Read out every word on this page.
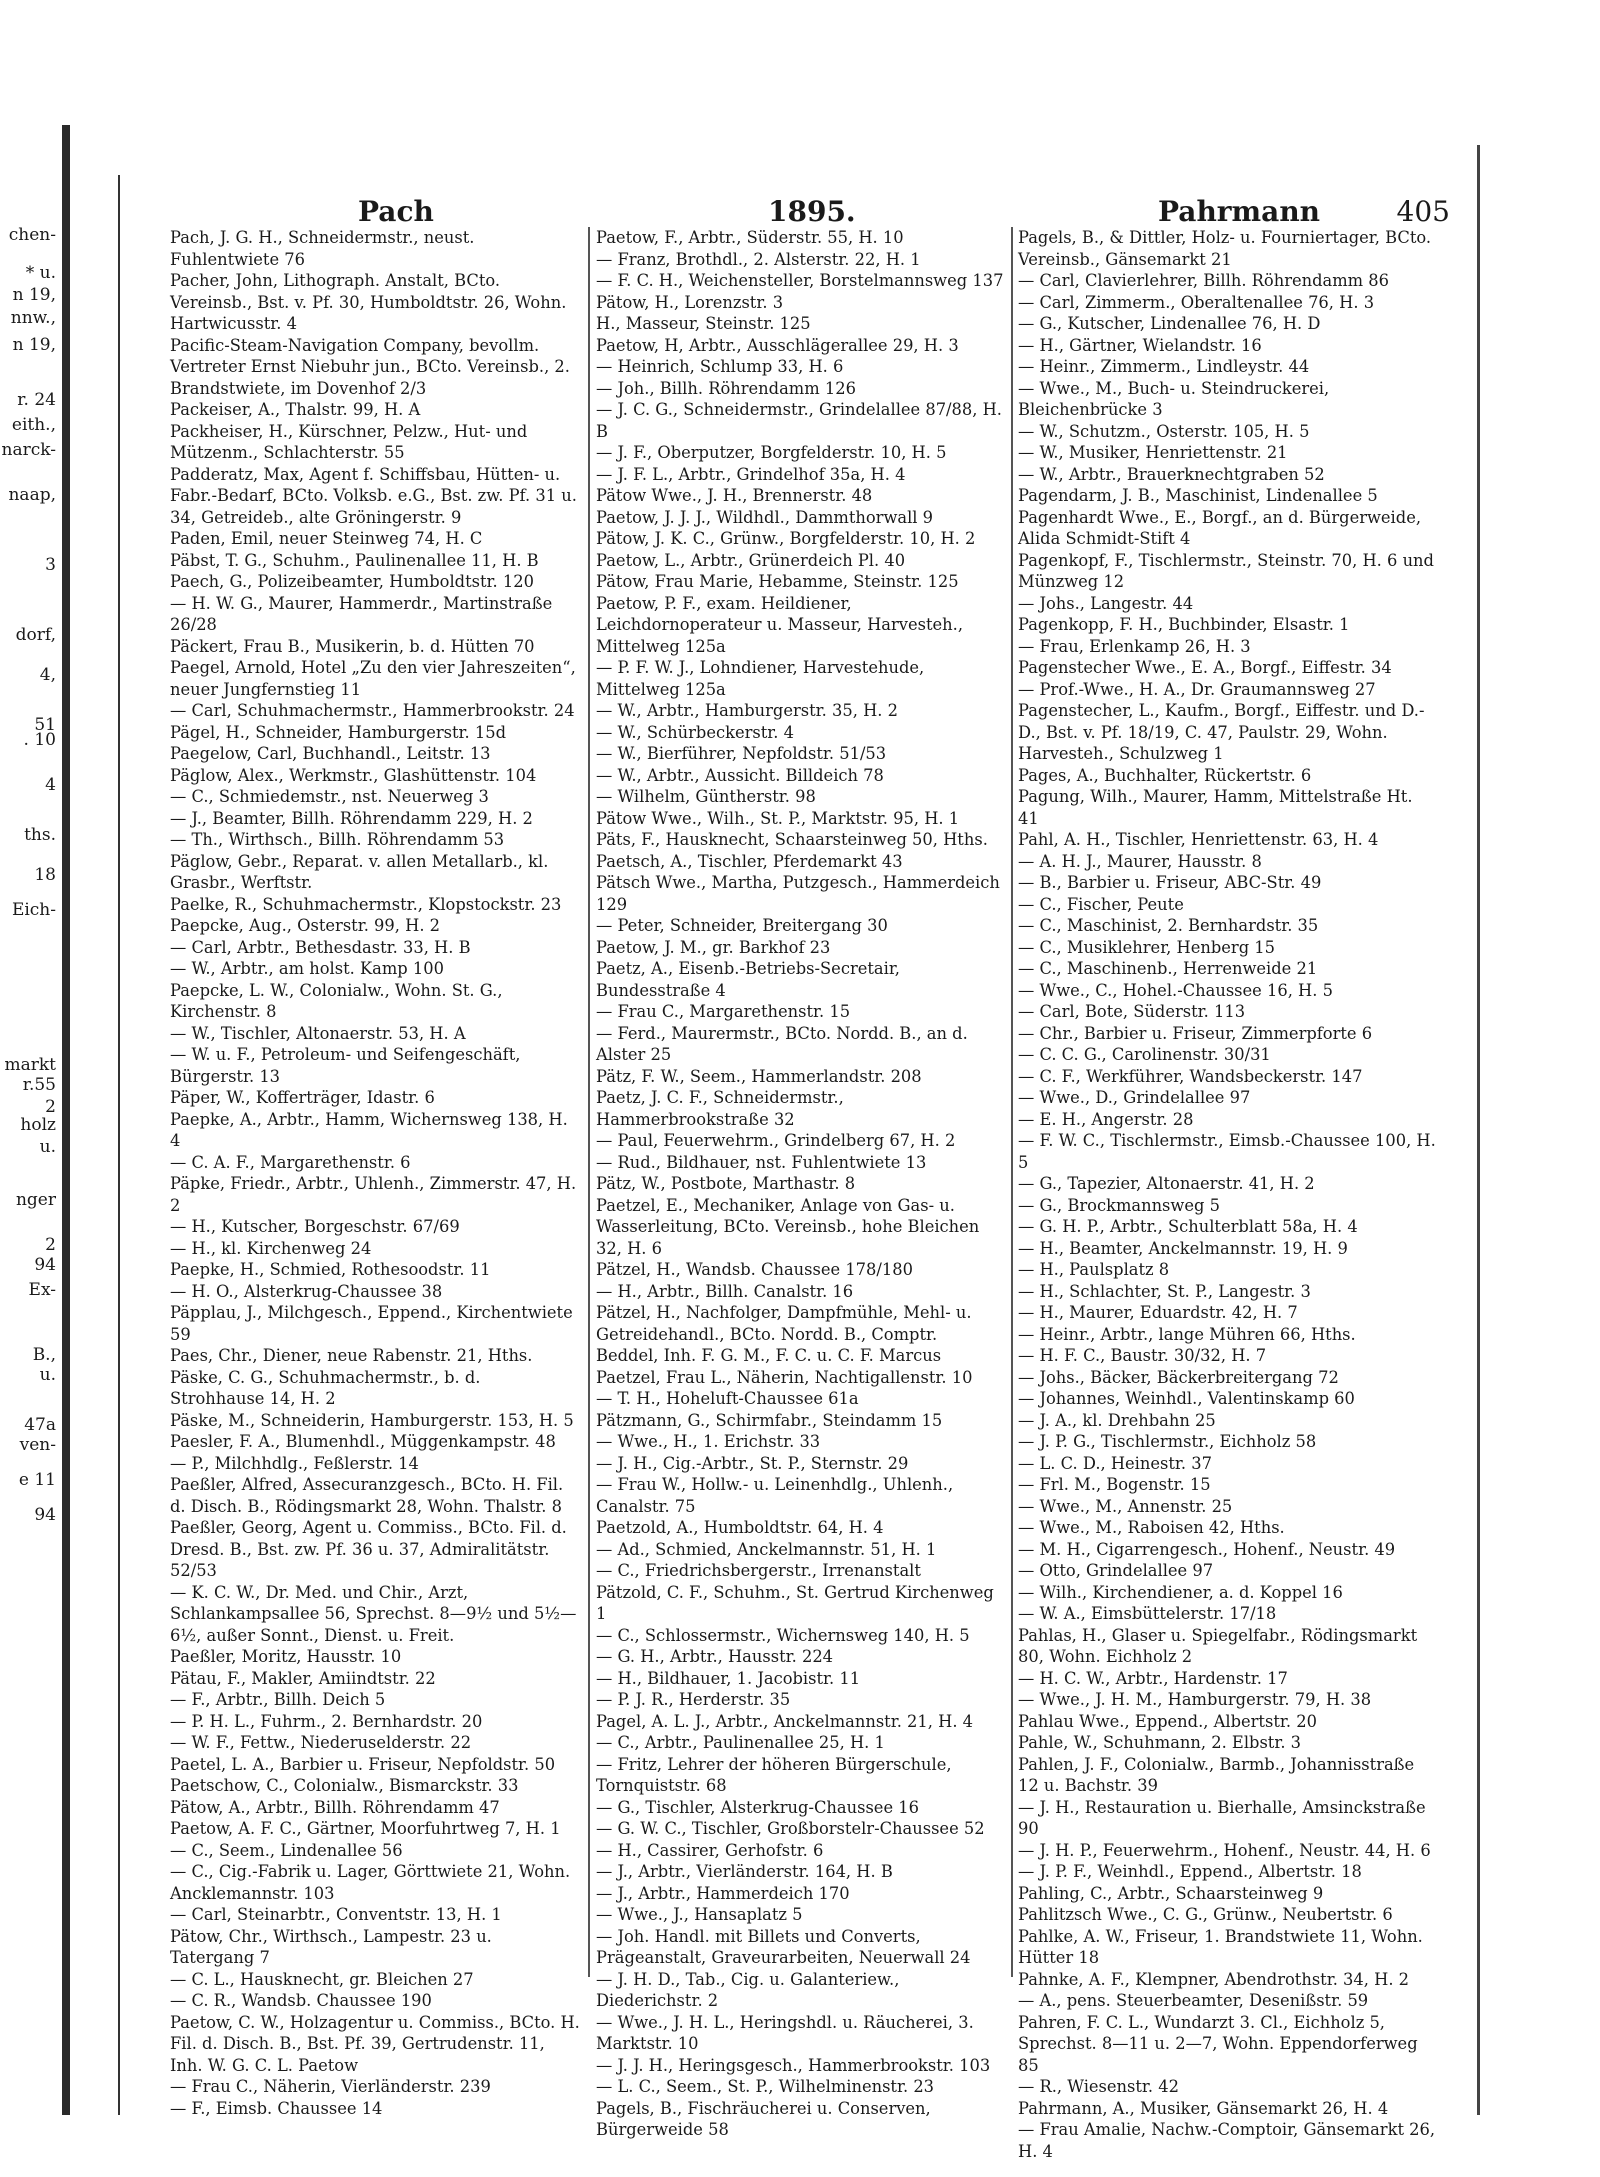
chen-
* u.
n 19,
nnw.,
n 19,
r. 24
eith.,
narck-
naap,
3
dorf,
4,
51
. 10
4
ths.
18
Eich-
markt
r.55
2
holz
u.
nger
2
94
Ex-
B.,
u.
47a
ven-
e 11
94
Pach	1895.	Pahrmann	405

Pach, J. G. H., Schneidermstr., neust. Fuhlentwiete 76

Pacher, John, Lithograph. Anstalt, BCto. Vereinsb., Bst. v. Pf. 30, Humboldtstr. 26, Wohn. Hartwicusstr. 4

Pacific-Steam-Navigation Company, bevollm. Vertreter Ernst Niebuhr jun., BCto. Vereinsb., 2. Brandstwiete, im Dovenhof 2/3

Packeiser, A., Thalstr. 99, H. A

Packheiser, H., Kürschner, Pelzw., Hut- und Mützenm., Schlachterstr. 55

Padderatz, Max, Agent f. Schiffsbau, Hütten- u. Fabr.-Bedarf, BCto. Volksb. e.G., Bst. zw. Pf. 31 u. 34, Getreideb., alte Gröningerstr. 9

Paden, Emil, neuer Steinweg 74, H. C

Päbst, T. G., Schuhm., Paulinenallee 11, H. B

Paech, G., Polizeibeamter, Humboldtstr. 120

— H. W. G., Maurer, Hammerdr., Martinstraße 26/28

Päckert, Frau B., Musikerin, b. d. Hütten 70

Paegel, Arnold, Hotel „Zu den vier Jahreszeiten“, neuer Jungfernstieg 11

— Carl, Schuhmachermstr., Hammerbrookstr. 24

Pägel, H., Schneider, Hamburgerstr. 15d

Paegelow, Carl, Buchhandl., Leitstr. 13

Päglow, Alex., Werkmstr., Glashüttenstr. 104

— C., Schmiedemstr., nst. Neuerweg 3

— J., Beamter, Billh. Röhrendamm 229, H. 2

— Th., Wirthsch., Billh. Röhrendamm 53

Päglow, Gebr., Reparat. v. allen Metallarb., kl. Grasbr., Werftstr.

Paelke, R., Schuhmachermstr., Klopstockstr. 23

Paepcke, Aug., Osterstr. 99, H. 2

— Carl, Arbtr., Bethesdastr. 33, H. B

— W., Arbtr., am holst. Kamp 100

Paepcke, L. W., Colonialw., Wohn. St. G., Kirchenstr. 8

— W., Tischler, Altonaerstr. 53, H. A

— W. u. F., Petroleum- und Seifengeschäft, Bürgerstr. 13

Päper, W., Kofferträger, Idastr. 6

Paepke, A., Arbtr., Hamm, Wichernsweg 138, H. 4

— C. A. F., Margarethenstr. 6

Päpke, Friedr., Arbtr., Uhlenh., Zimmerstr. 47, H. 2

— H., Kutscher, Borgeschstr. 67/69

— H., kl. Kirchenweg 24

Paepke, H., Schmied, Rothesoodstr. 11

— H. O., Alsterkrug-Chaussee 38

Päpplau, J., Milchgesch., Eppend., Kirchentwiete 59

Paes, Chr., Diener, neue Rabenstr. 21, Hths.

Päske, C. G., Schuhmachermstr., b. d. Strohhause 14, H. 2

Päske, M., Schneiderin, Hamburgerstr. 153, H. 5

Paesler, F. A., Blumenhdl., Müggenkampstr. 48

— P., Milchhdlg., Feßlerstr. 14

Paeßler, Alfred, Assecuranzgesch., BCto. H. Fil. d. Disch. B., Rödingsmarkt 28, Wohn. Thalstr. 8

Paeßler, Georg, Agent u. Commiss., BCto. Fil. d. Dresd. B., Bst. zw. Pf. 36 u. 37, Admiralitätstr. 52/53

— K. C. W., Dr. Med. und Chir., Arzt, Schlankampsallee 56, Sprechst. 8—9½ und 5½—6½, außer Sonnt., Dienst. u. Freit.

Paeßler, Moritz, Hausstr. 10

Pätau, F., Makler, Amiindtstr. 22

— F., Arbtr., Billh. Deich 5

— P. H. L., Fuhrm., 2. Bernhardstr. 20

— W. F., Fettw., Niederuselderstr. 22

Paetel, L. A., Barbier u. Friseur, Nepfoldstr. 50

Paetschow, C., Colonialw., Bismarckstr. 33

Pätow, A., Arbtr., Billh. Röhrendamm 47

Paetow, A. F. C., Gärtner, Moorfuhrtweg 7, H. 1

— C., Seem., Lindenallee 56

— C., Cig.-Fabrik u. Lager, Görttwiete 21, Wohn. Ancklemannstr. 103

— Carl, Steinarbtr., Conventstr. 13, H. 1

Pätow, Chr., Wirthsch., Lampestr. 23 u. Tatergang 7

— C. L., Hausknecht, gr. Bleichen 27

— C. R., Wandsb. Chaussee 190

Paetow, C. W., Holzagentur u. Commiss., BCto. H. Fil. d. Disch. B., Bst. Pf. 39, Gertrudenstr. 11, Inh. W. G. C. L. Paetow

— Frau C., Näherin, Vierländerstr. 239

— F., Eimsb. Chaussee 14

Paetow, F., Arbtr., Süderstr. 55, H. 10

— Franz, Brothdl., 2. Alsterstr. 22, H. 1

— F. C. H., Weichensteller, Borstelmannsweg 137

Pätow, H., Lorenzstr. 3

H., Masseur, Steinstr. 125

Paetow, H, Arbtr., Ausschlägerallee 29, H. 3

— Heinrich, Schlump 33, H. 6

— Joh., Billh. Röhrendamm 126

— J. C. G., Schneidermstr., Grindelallee 87/88, H. B

— J. F., Oberputzer, Borgfelderstr. 10, H. 5

— J. F. L., Arbtr., Grindelhof 35a, H. 4

Pätow Wwe., J. H., Brennerstr. 48

Paetow, J. J. J., Wildhdl., Dammthorwall 9

Pätow, J. K. C., Grünw., Borgfelderstr. 10, H. 2

Paetow, L., Arbtr., Grünerdeich Pl. 40

Pätow, Frau Marie, Hebamme, Steinstr. 125

Paetow, P. F., exam. Heildiener, Leichdornoperateur u. Masseur, Harvesteh., Mittelweg 125a

— P. F. W. J., Lohndiener, Harvestehude, Mittelweg 125a

— W., Arbtr., Hamburgerstr. 35, H. 2

— W., Schürbeckerstr. 4

— W., Bierführer, Nepfoldstr. 51/53

— W., Arbtr., Aussicht. Billdeich 78

— Wilhelm, Güntherstr. 98

Pätow Wwe., Wilh., St. P., Marktstr. 95, H. 1

Päts, F., Hausknecht, Schaarsteinweg 50, Hths.

Paetsch, A., Tischler, Pferdemarkt 43

Pätsch Wwe., Martha, Putzgesch., Hammerdeich 129

— Peter, Schneider, Breitergang 30

Paetow, J. M., gr. Barkhof 23

Paetz, A., Eisenb.-Betriebs-Secretair, Bundesstraße 4

— Frau C., Margarethenstr. 15

— Ferd., Maurermstr., BCto. Nordd. B., an d. Alster 25

Pätz, F. W., Seem., Hammerlandstr. 208

Paetz, J. C. F., Schneidermstr., Hammerbrookstraße 32

— Paul, Feuerwehrm., Grindelberg 67, H. 2

— Rud., Bildhauer, nst. Fuhlentwiete 13

Pätz, W., Postbote, Marthastr. 8

Paetzel, E., Mechaniker, Anlage von Gas- u. Wasserleitung, BCto. Vereinsb., hohe Bleichen 32, H. 6

Pätzel, H., Wandsb. Chaussee 178/180

— H., Arbtr., Billh. Canalstr. 16

Pätzel, H., Nachfolger, Dampfmühle, Mehl- u. Getreidehandl., BCto. Nordd. B., Comptr. Beddel, Inh. F. G. M., F. C. u. C. F. Marcus

Paetzel, Frau L., Näherin, Nachtigallenstr. 10

— T. H., Hoheluft-Chaussee 61a

Pätzmann, G., Schirmfabr., Steindamm 15

— Wwe., H., 1. Erichstr. 33

— J. H., Cig.-Arbtr., St. P., Sternstr. 29

— Frau W., Hollw.- u. Leinenhdlg., Uhlenh., Canalstr. 75

Paetzold, A., Humboldtstr. 64, H. 4

— Ad., Schmied, Anckelmannstr. 51, H. 1

— C., Friedrichsbergerstr., Irrenanstalt

Pätzold, C. F., Schuhm., St. Gertrud Kirchenweg 1

— C., Schlossermstr., Wichernsweg 140, H. 5

— G. H., Arbtr., Hausstr. 224

— H., Bildhauer, 1. Jacobistr. 11

— P. J. R., Herderstr. 35

Pagel, A. L. J., Arbtr., Anckelmannstr. 21, H. 4

— C., Arbtr., Paulinenallee 25, H. 1

— Fritz, Lehrer der höheren Bürgerschule, Tornquiststr. 68

— G., Tischler, Alsterkrug-Chaussee 16

— G. W. C., Tischler, Großborstelr-Chaussee 52

— H., Cassirer, Gerhofstr. 6

— J., Arbtr., Vierländerstr. 164, H. B

— J., Arbtr., Hammerdeich 170

— Wwe., J., Hansaplatz 5

— Joh. Handl. mit Billets und Converts, Prägeanstalt, Graveurarbeiten, Neuerwall 24

— J. H. D., Tab., Cig. u. Galanteriew., Diederichstr. 2

— Wwe., J. H. L., Heringshdl. u. Räucherei, 3. Marktstr. 10

— J. J. H., Heringsgesch., Hammerbrookstr. 103

— L. C., Seem., St. P., Wilhelminenstr. 23

Pagels, B., Fischräucherei u. Conserven, Bürgerweide 58

Pagels, B., & Dittler, Holz- u. Fourniertager, BCto. Vereinsb., Gänsemarkt 21

— Carl, Clavierlehrer, Billh. Röhrendamm 86

— Carl, Zimmerm., Oberaltenallee 76, H. 3

— G., Kutscher, Lindenallee 76, H. D

— H., Gärtner, Wielandstr. 16

— Heinr., Zimmerm., Lindleystr. 44

— Wwe., M., Buch- u. Steindruckerei, Bleichenbrücke 3

— W., Schutzm., Osterstr. 105, H. 5

— W., Musiker, Henriettenstr. 21

— W., Arbtr., Brauerknechtgraben 52

Pagendarm, J. B., Maschinist, Lindenallee 5

Pagenhardt Wwe., E., Borgf., an d. Bürgerweide, Alida Schmidt-Stift 4

Pagenkopf, F., Tischlermstr., Steinstr. 70, H. 6 und Münzweg 12

— Johs., Langestr. 44

Pagenkopp, F. H., Buchbinder, Elsastr. 1

— Frau, Erlenkamp 26, H. 3

Pagenstecher Wwe., E. A., Borgf., Eiffestr. 34

— Prof.-Wwe., H. A., Dr. Graumannsweg 27

Pagenstecher, L., Kaufm., Borgf., Eiffestr. und D.-D., Bst. v. Pf. 18/19, C. 47, Paulstr. 29, Wohn. Harvesteh., Schulzweg 1

Pages, A., Buchhalter, Rückertstr. 6

Pagung, Wilh., Maurer, Hamm, Mittelstraße Ht. 41

Pahl, A. H., Tischler, Henriettenstr. 63, H. 4

— A. H. J., Maurer, Hausstr. 8

— B., Barbier u. Friseur, ABC-Str. 49

— C., Fischer, Peute

— C., Maschinist, 2. Bernhardstr. 35

— C., Musiklehrer, Henberg 15

— C., Maschinenb., Herrenweide 21

— Wwe., C., Hohel.-Chaussee 16, H. 5

— Carl, Bote, Süderstr. 113

— Chr., Barbier u. Friseur, Zimmerpforte 6

— C. C. G., Carolinenstr. 30/31

— C. F., Werkführer, Wandsbeckerstr. 147

— Wwe., D., Grindelallee 97

— E. H., Angerstr. 28

— F. W. C., Tischlermstr., Eimsb.-Chaussee 100, H. 5

— G., Tapezier, Altonaerstr. 41, H. 2

— G., Brockmannsweg 5

— G. H. P., Arbtr., Schulterblatt 58a, H. 4

— H., Beamter, Anckelmannstr. 19, H. 9

— H., Paulsplatz 8

— H., Schlachter, St. P., Langestr. 3

— H., Maurer, Eduardstr. 42, H. 7

— Heinr., Arbtr., lange Mühren 66, Hths.

— H. F. C., Baustr. 30/32, H. 7

— Johs., Bäcker, Bäckerbreitergang 72

— Johannes, Weinhdl., Valentinskamp 60

— J. A., kl. Drehbahn 25

— J. P. G., Tischlermstr., Eichholz 58

— L. C. D., Heinestr. 37

— Frl. M., Bogenstr. 15

— Wwe., M., Annenstr. 25

— Wwe., M., Raboisen 42, Hths.

— M. H., Cigarrengesch., Hohenf., Neustr. 49

— Otto, Grindelallee 97

— Wilh., Kirchendiener, a. d. Koppel 16

— W. A., Eimsbüttelerstr. 17/18

Pahlas, H., Glaser u. Spiegelfabr., Rödingsmarkt 80, Wohn. Eichholz 2

— H. C. W., Arbtr., Hardenstr. 17

— Wwe., J. H. M., Hamburgerstr. 79, H. 38

Pahlau Wwe., Eppend., Albertstr. 20

Pahle, W., Schuhmann, 2. Elbstr. 3

Pahlen, J. F., Colonialw., Barmb., Johannisstraße 12 u. Bachstr. 39

— J. H., Restauration u. Bierhalle, Amsinckstraße 90

— J. H. P., Feuerwehrm., Hohenf., Neustr. 44, H. 6

— J. P. F., Weinhdl., Eppend., Albertstr. 18

Pahling, C., Arbtr., Schaarsteinweg 9

Pahlitzsch Wwe., C. G., Grünw., Neubertstr. 6

Pahlke, A. W., Friseur, 1. Brandstwiete 11, Wohn. Hütter 18

Pahnke, A. F., Klempner, Abendrothstr. 34, H. 2

— A., pens. Steuerbeamter, Desenißstr. 59

Pahren, F. C. L., Wundarzt 3. Cl., Eichholz 5, Sprechst. 8—11 u. 2—7, Wohn. Eppendorferweg 85

— R., Wiesenstr. 42

Pahrmann, A., Musiker, Gänsemarkt 26, H. 4

— Frau Amalie, Nachw.-Comptoir, Gänsemarkt 26, H. 4
